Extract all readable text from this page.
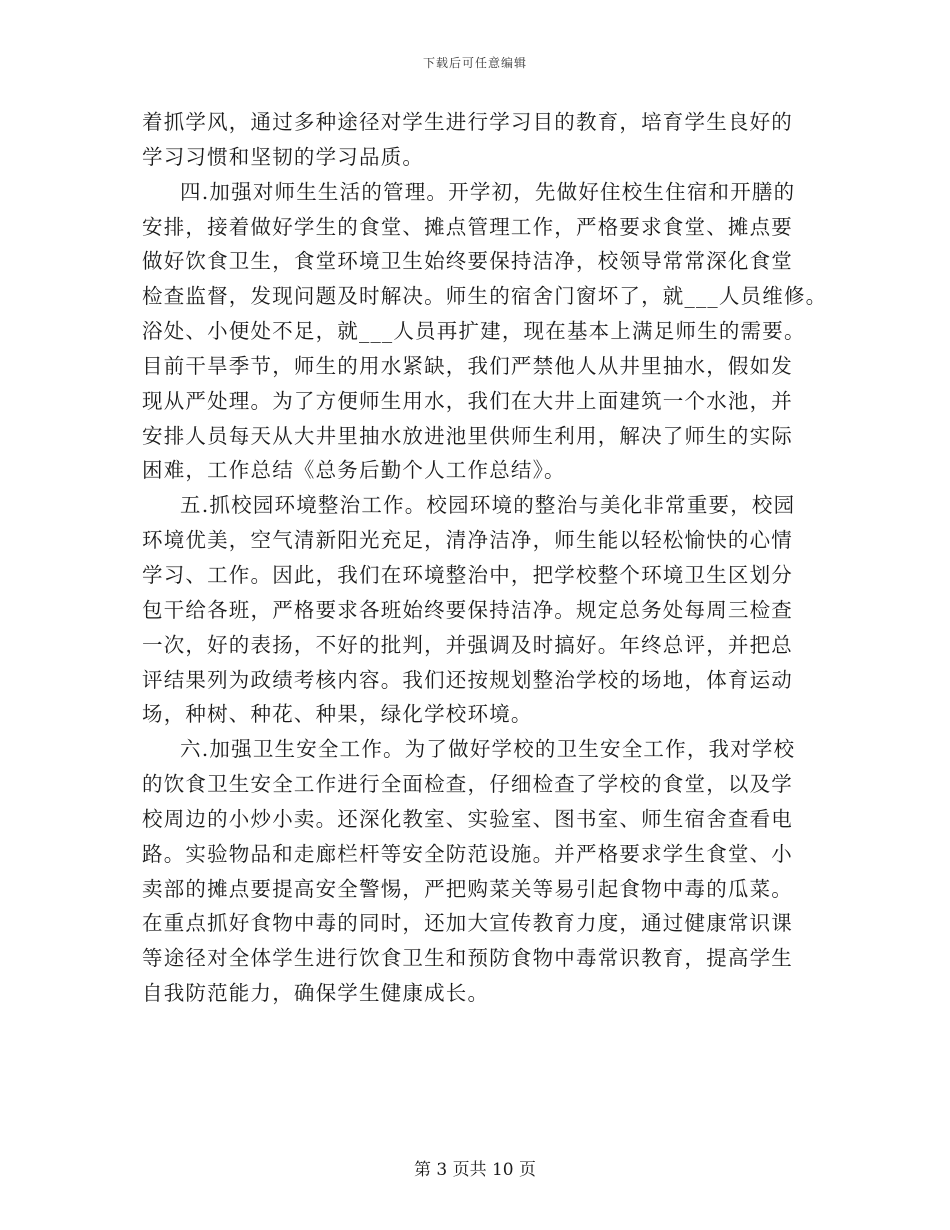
下载后可任意编辑
着抓学风，通过多种途径对学生进行学习目的教育，培育学生良好的
学习习惯和坚韧的学习品质。
四.加强对师生生活的管理。开学初，先做好住校生住宿和开膳的
安排，接着做好学生的食堂、摊点管理工作，严格要求食堂、摊点要
做好饮食卫生，食堂环境卫生始终要保持洁净，校领导常常深化食堂
检查监督，发现问题及时解决。师生的宿舍门窗坏了，就___人员维修。
浴处、小便处不足，就___人员再扩建，现在基本上满足师生的需要。
目前干旱季节，师生的用水紧缺，我们严禁他人从井里抽水，假如发
现从严处理。为了方便师生用水，我们在大井上面建筑一个水池，并
安排人员每天从大井里抽水放进池里供师生利用，解决了师生的实际
困难，工作总结《总务后勤个人工作总结》。
五.抓校园环境整治工作。校园环境的整治与美化非常重要，校园
环境优美，空气清新阳光充足，清净洁净，师生能以轻松愉快的心情
学习、工作。因此，我们在环境整治中，把学校整个环境卫生区划分
包干给各班，严格要求各班始终要保持洁净。规定总务处每周三检查
一次，好的表扬，不好的批判，并强调及时搞好。年终总评，并把总
评结果列为政绩考核内容。我们还按规划整治学校的场地，体育运动
场，种树、种花、种果，绿化学校环境。
六.加强卫生安全工作。为了做好学校的卫生安全工作，我对学校
的饮食卫生安全工作进行全面检查，仔细检查了学校的食堂，以及学
校周边的小炒小卖。还深化教室、实验室、图书室、师生宿舍查看电
路。实验物品和走廊栏杆等安全防范设施。并严格要求学生食堂、小
卖部的摊点要提高安全警惕，严把购菜关等易引起食物中毒的瓜菜。
在重点抓好食物中毒的同时，还加大宣传教育力度，通过健康常识课
等途径对全体学生进行饮食卫生和预防食物中毒常识教育，提高学生
自我防范能力，确保学生健康成长。
第 3 页共 10 页
